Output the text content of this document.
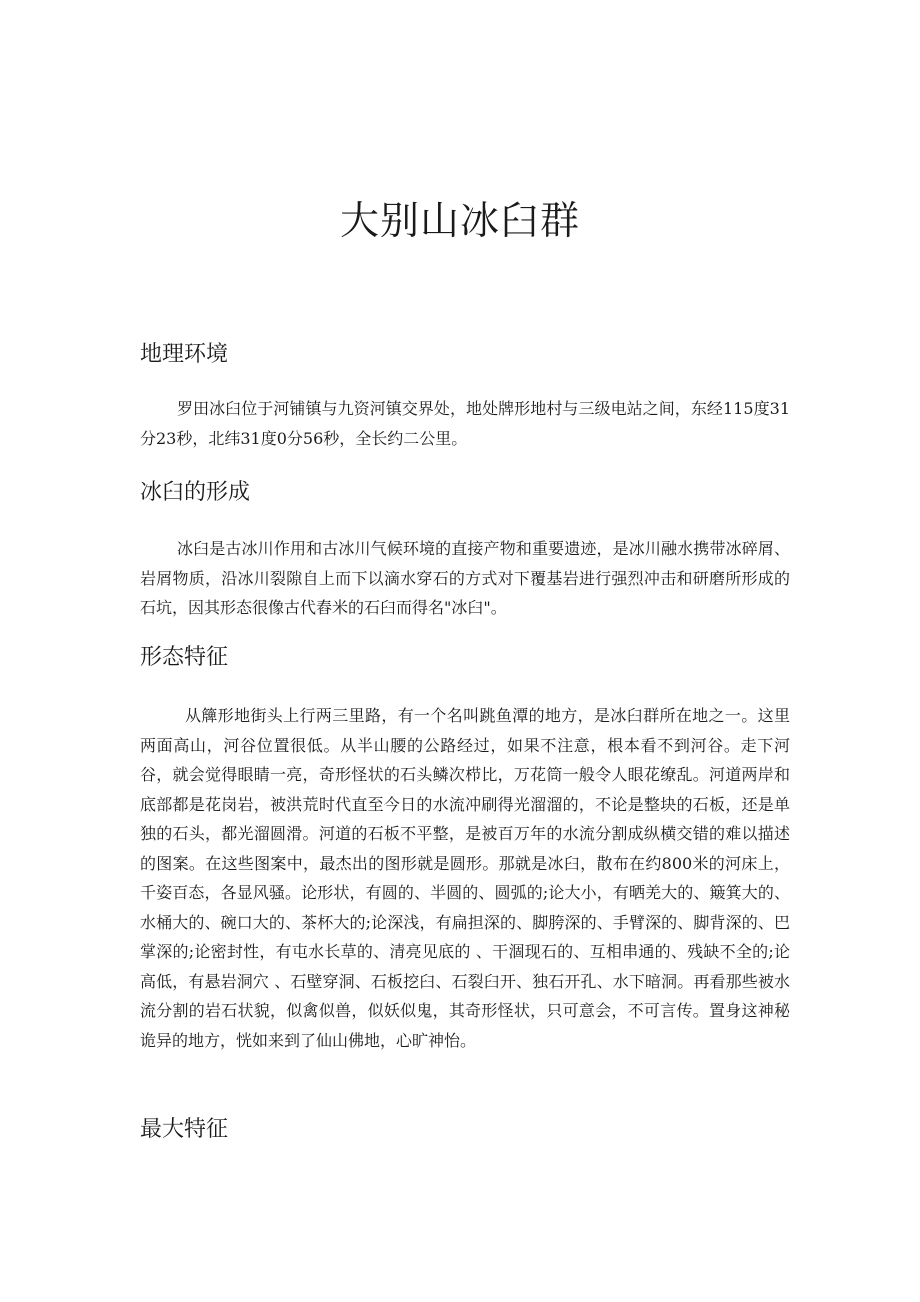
大别山冰臼群
地理环境

罗田冰臼位于河铺镇与九资河镇交界处，地处牌形地村与三级电站之间，东经115度31分23秒，北纬31度0分56秒，全长约二公里。

冰臼的形成

冰臼是古冰川作用和古冰川气候环境的直接产物和重要遗迹，是冰川融水携带冰碎屑、岩屑物质，沿冰川裂隙自上而下以滴水穿石的方式对下覆基岩进行强烈冲击和研磨所形成的石坑，因其形态很像古代舂米的石臼而得名"冰臼"。

形态特征

从簰形地街头上行两三里路，有一个名叫跳鱼潭的地方，是冰臼群所在地之一。这里两面高山，河谷位置很低。从半山腰的公路经过，如果不注意，根本看不到河谷。走下河谷，就会觉得眼睛一亮，奇形怪状的石头鳞次栉比，万花筒一般令人眼花缭乱。河道两岸和底部都是花岗岩，被洪荒时代直至今日的水流冲刷得光溜溜的，不论是整块的石板，还是单独的石头，都光溜圆滑。河道的石板不平整，是被百万年的水流分割成纵横交错的难以描述的图案。在这些图案中，最杰出的图形就是圆形。那就是冰臼，散布在约800米的河床上，千姿百态，各显风骚。论形状，有圆的、半圆的、圆弧的;论大小，有晒羌大的、簸箕大的、水桶大的、碗口大的、茶杯大的;论深浅，有扁担深的、脚胯深的、手臂深的、脚背深的、巴掌深的;论密封性，有屯水长草的、清亮见底的 、干涸现石的、互相串通的、残缺不全的;论高低，有悬岩洞穴 、石壁穿洞、石板挖臼、石裂臼开、独石开孔、水下暗洞。再看那些被水流分割的岩石状貌，似禽似兽，似妖似鬼，其奇形怪状，只可意会，不可言传。置身这神秘诡异的地方，恍如来到了仙山佛地，心旷神怡。

最大特征
